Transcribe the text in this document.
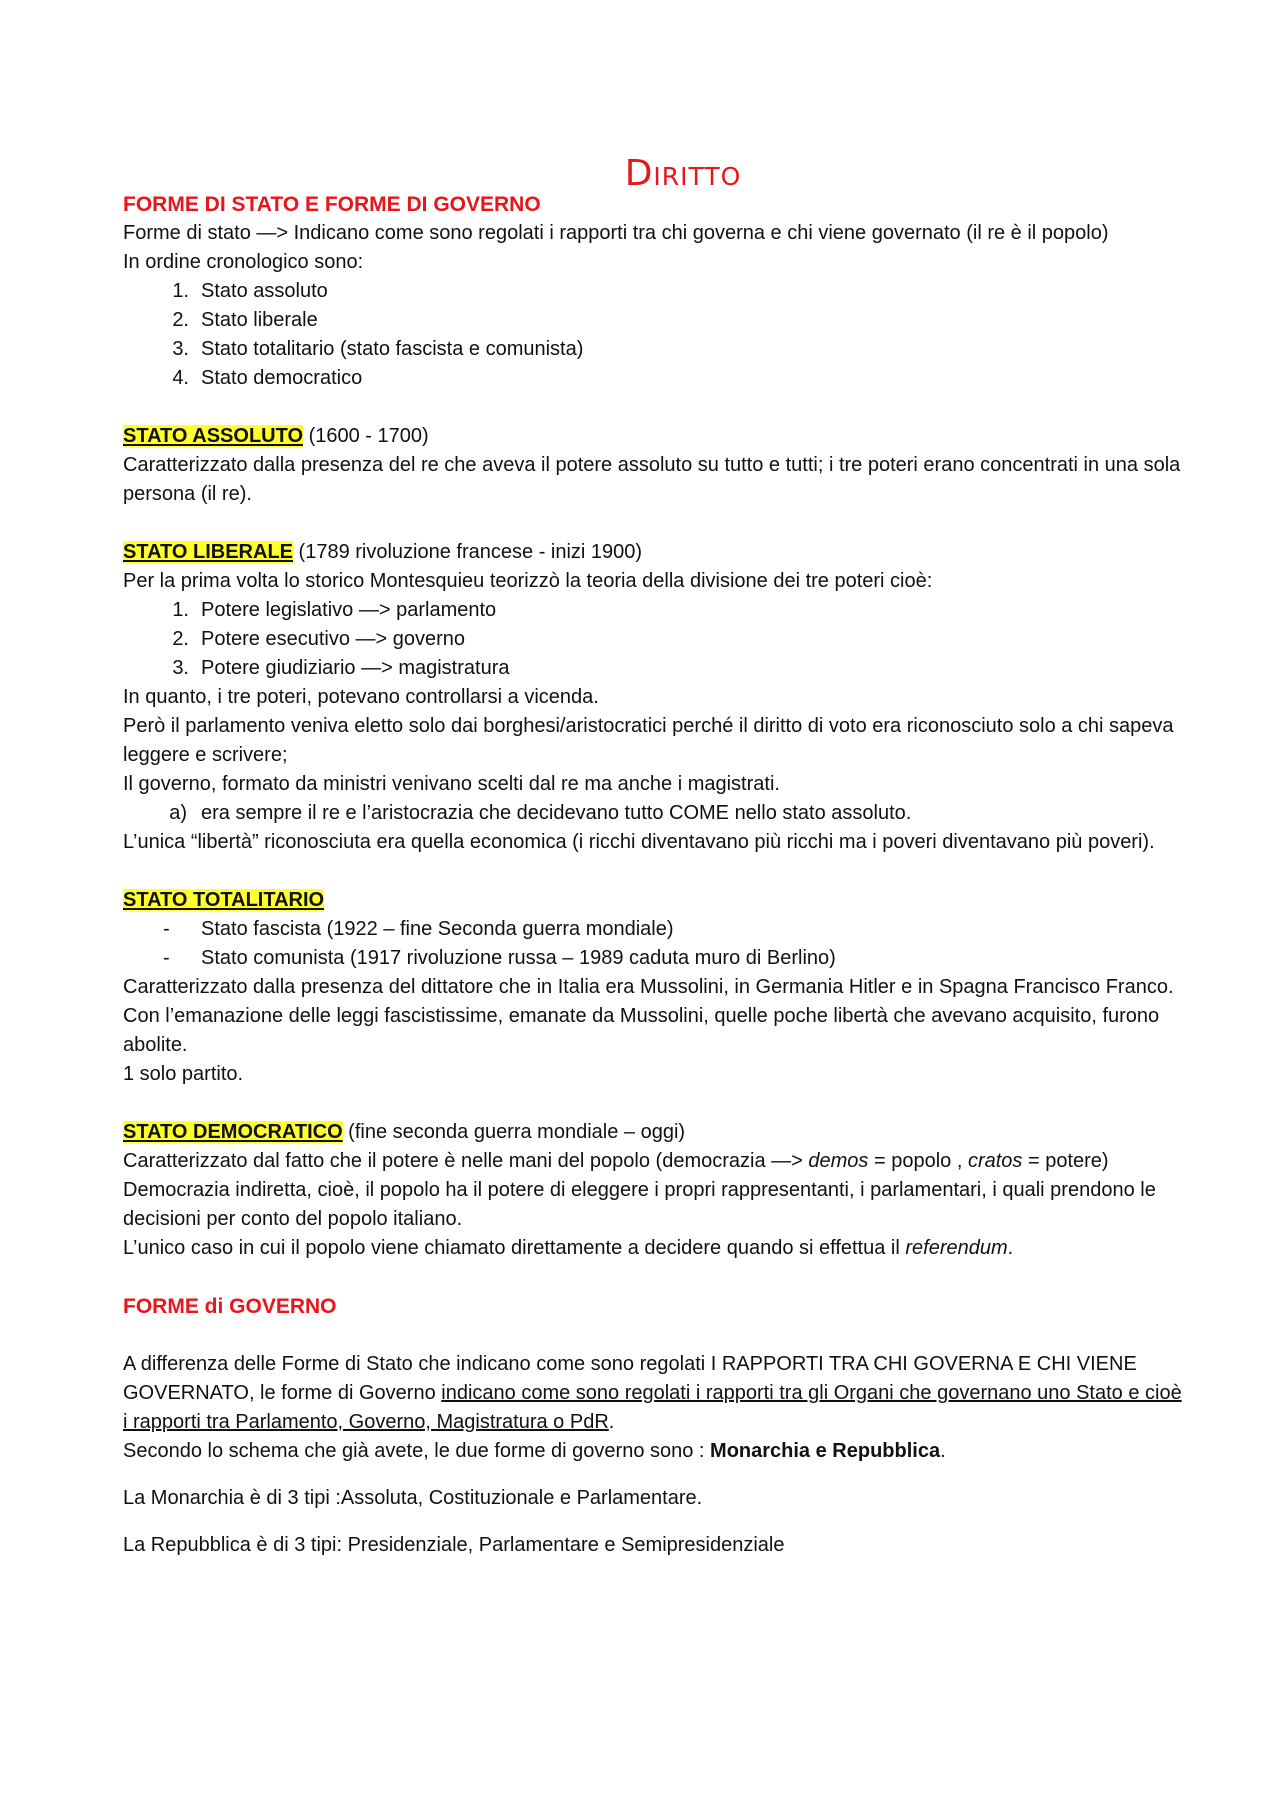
Diritto
FORME DI STATO E FORME DI GOVERNO

Forme di stato —> Indicano come sono regolati i rapporti tra chi governa e chi viene governato (il re è il popolo)

In ordine cronologico sono:

1. Stato assoluto
2. Stato liberale
3. Stato totalitario (stato fascista e comunista)
4. Stato democratico

STATO ASSOLUTO (1600 - 1700)

Caratterizzato dalla presenza del re che aveva il potere assoluto su tutto e tutti; i tre poteri erano concentrati in una sola persona (il re).

STATO LIBERALE (1789 rivoluzione francese - inizi 1900)

Per la prima volta lo storico Montesquieu teorizzò la teoria della divisione dei tre poteri cioè:

1. Potere legislativo —> parlamento
2. Potere esecutivo —> governo
3. Potere giudiziario —> magistratura

In quanto, i tre poteri, potevano controllarsi a vicenda.

Però il parlamento veniva eletto solo dai borghesi/aristocratici perché il diritto di voto era riconosciuto solo a chi sapeva leggere e scrivere;

Il governo, formato da ministri venivano scelti dal re ma anche i magistrati.

a) era sempre il re e l’aristocrazia che decidevano tutto COME nello stato assoluto.

L’unica “libertà” riconosciuta era quella economica (i ricchi diventavano più ricchi ma i poveri diventavano più poveri).

STATO TOTALITARIO

-	Stato fascista (1922 – fine Seconda guerra mondiale)
-	Stato comunista (1917 rivoluzione russa – 1989 caduta muro di Berlino)

Caratterizzato dalla presenza del dittatore che in Italia era Mussolini, in Germania Hitler e in Spagna Francisco Franco.

Con l’emanazione delle leggi fascistissime, emanate da Mussolini, quelle poche libertà che avevano acquisito, furono abolite.

1 solo partito.

STATO DEMOCRATICO (fine seconda guerra mondiale – oggi)

Caratterizzato dal fatto che il potere è nelle mani del popolo (democrazia —> demos = popolo , cratos = potere)

Democrazia indiretta, cioè, il popolo ha il potere di eleggere i propri rappresentanti, i parlamentari, i quali prendono le decisioni per conto del popolo italiano.

L’unico caso in cui il popolo viene chiamato direttamente a decidere quando si effettua il referendum.

FORME di GOVERNO

A differenza delle Forme di Stato che indicano come sono regolati I RAPPORTI TRA CHI GOVERNA E CHI VIENE GOVERNATO, le forme di Governo indicano come sono regolati i rapporti tra gli Organi che governano uno Stato e cioè i rapporti tra Parlamento, Governo, Magistratura o PdR.

Secondo lo schema che già avete, le due forme di governo sono : Monarchia e Repubblica.

La Monarchia è di 3 tipi :Assoluta, Costituzionale e Parlamentare.

La Repubblica è di 3 tipi: Presidenziale, Parlamentare e Semipresidenziale
